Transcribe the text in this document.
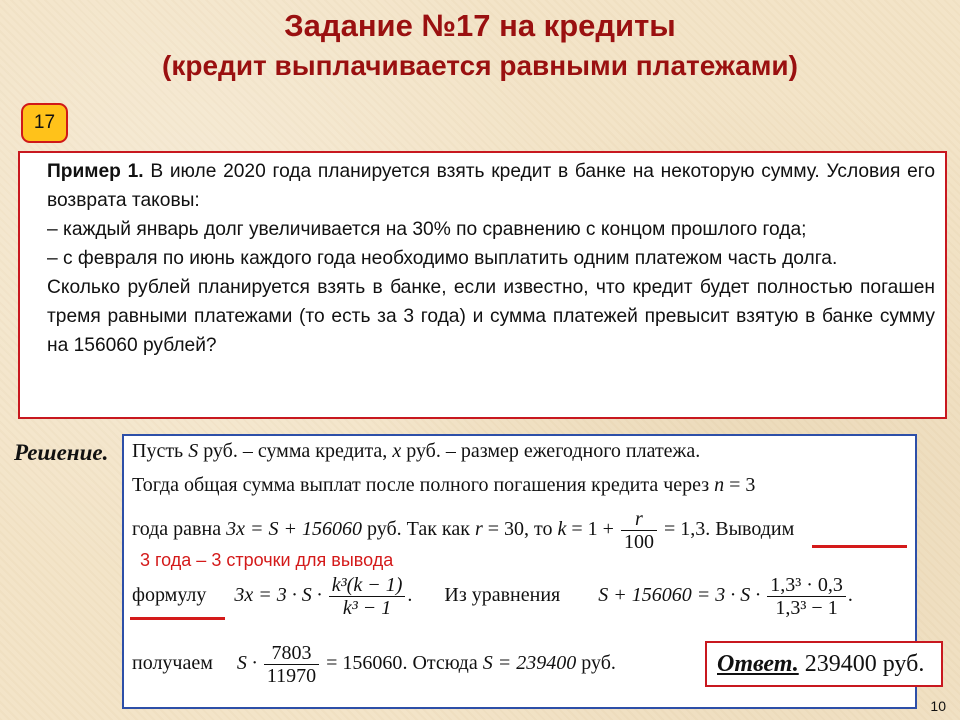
Задание №17 на кредиты
(кредит выплачивается равными платежами)
17

Пример 1. В июле 2020 года планируется взять кредит в банке на некоторую сумму. Условия его возврата таковы:

– каждый январь долг увеличивается на 30% по сравнению с концом прошлого года;

– с февраля по июнь каждого года необходимо выплатить одним платежом часть долга.

Сколько рублей планируется взять в банке, если известно, что кредит будет полностью погашен тремя равными платежами (то есть за 3 года) и сумма платежей превысит взятую в банке сумму на 156060 рублей?

Решение. Пусть S руб. – сумма кредита, x руб. – размер ежегодного платежа.
Тогда общая сумма выплат после полного погашения кредита через n = 3
года равна 3x = S + 156060 руб. Так как r = 30, то $k = 1 + \frac{r}{100} = 1,3$. Выводим
формулу $3x = 3 \cdot S \cdot \frac{\text{k³(k − 1)}}{\text{k³ − 1}}$ . Из уравнения $S + 156060 = 3 \cdot S \cdot \frac{\text{1,3³ · 0,3}}{\text{1,3³ − 1}}$ .
получаем $S \cdot \frac{7803}{11970} = 156060$. Отсюда S = 239400 руб.
3 года – 3 строчки для вывода
Ответ. 239400 руб.
10
